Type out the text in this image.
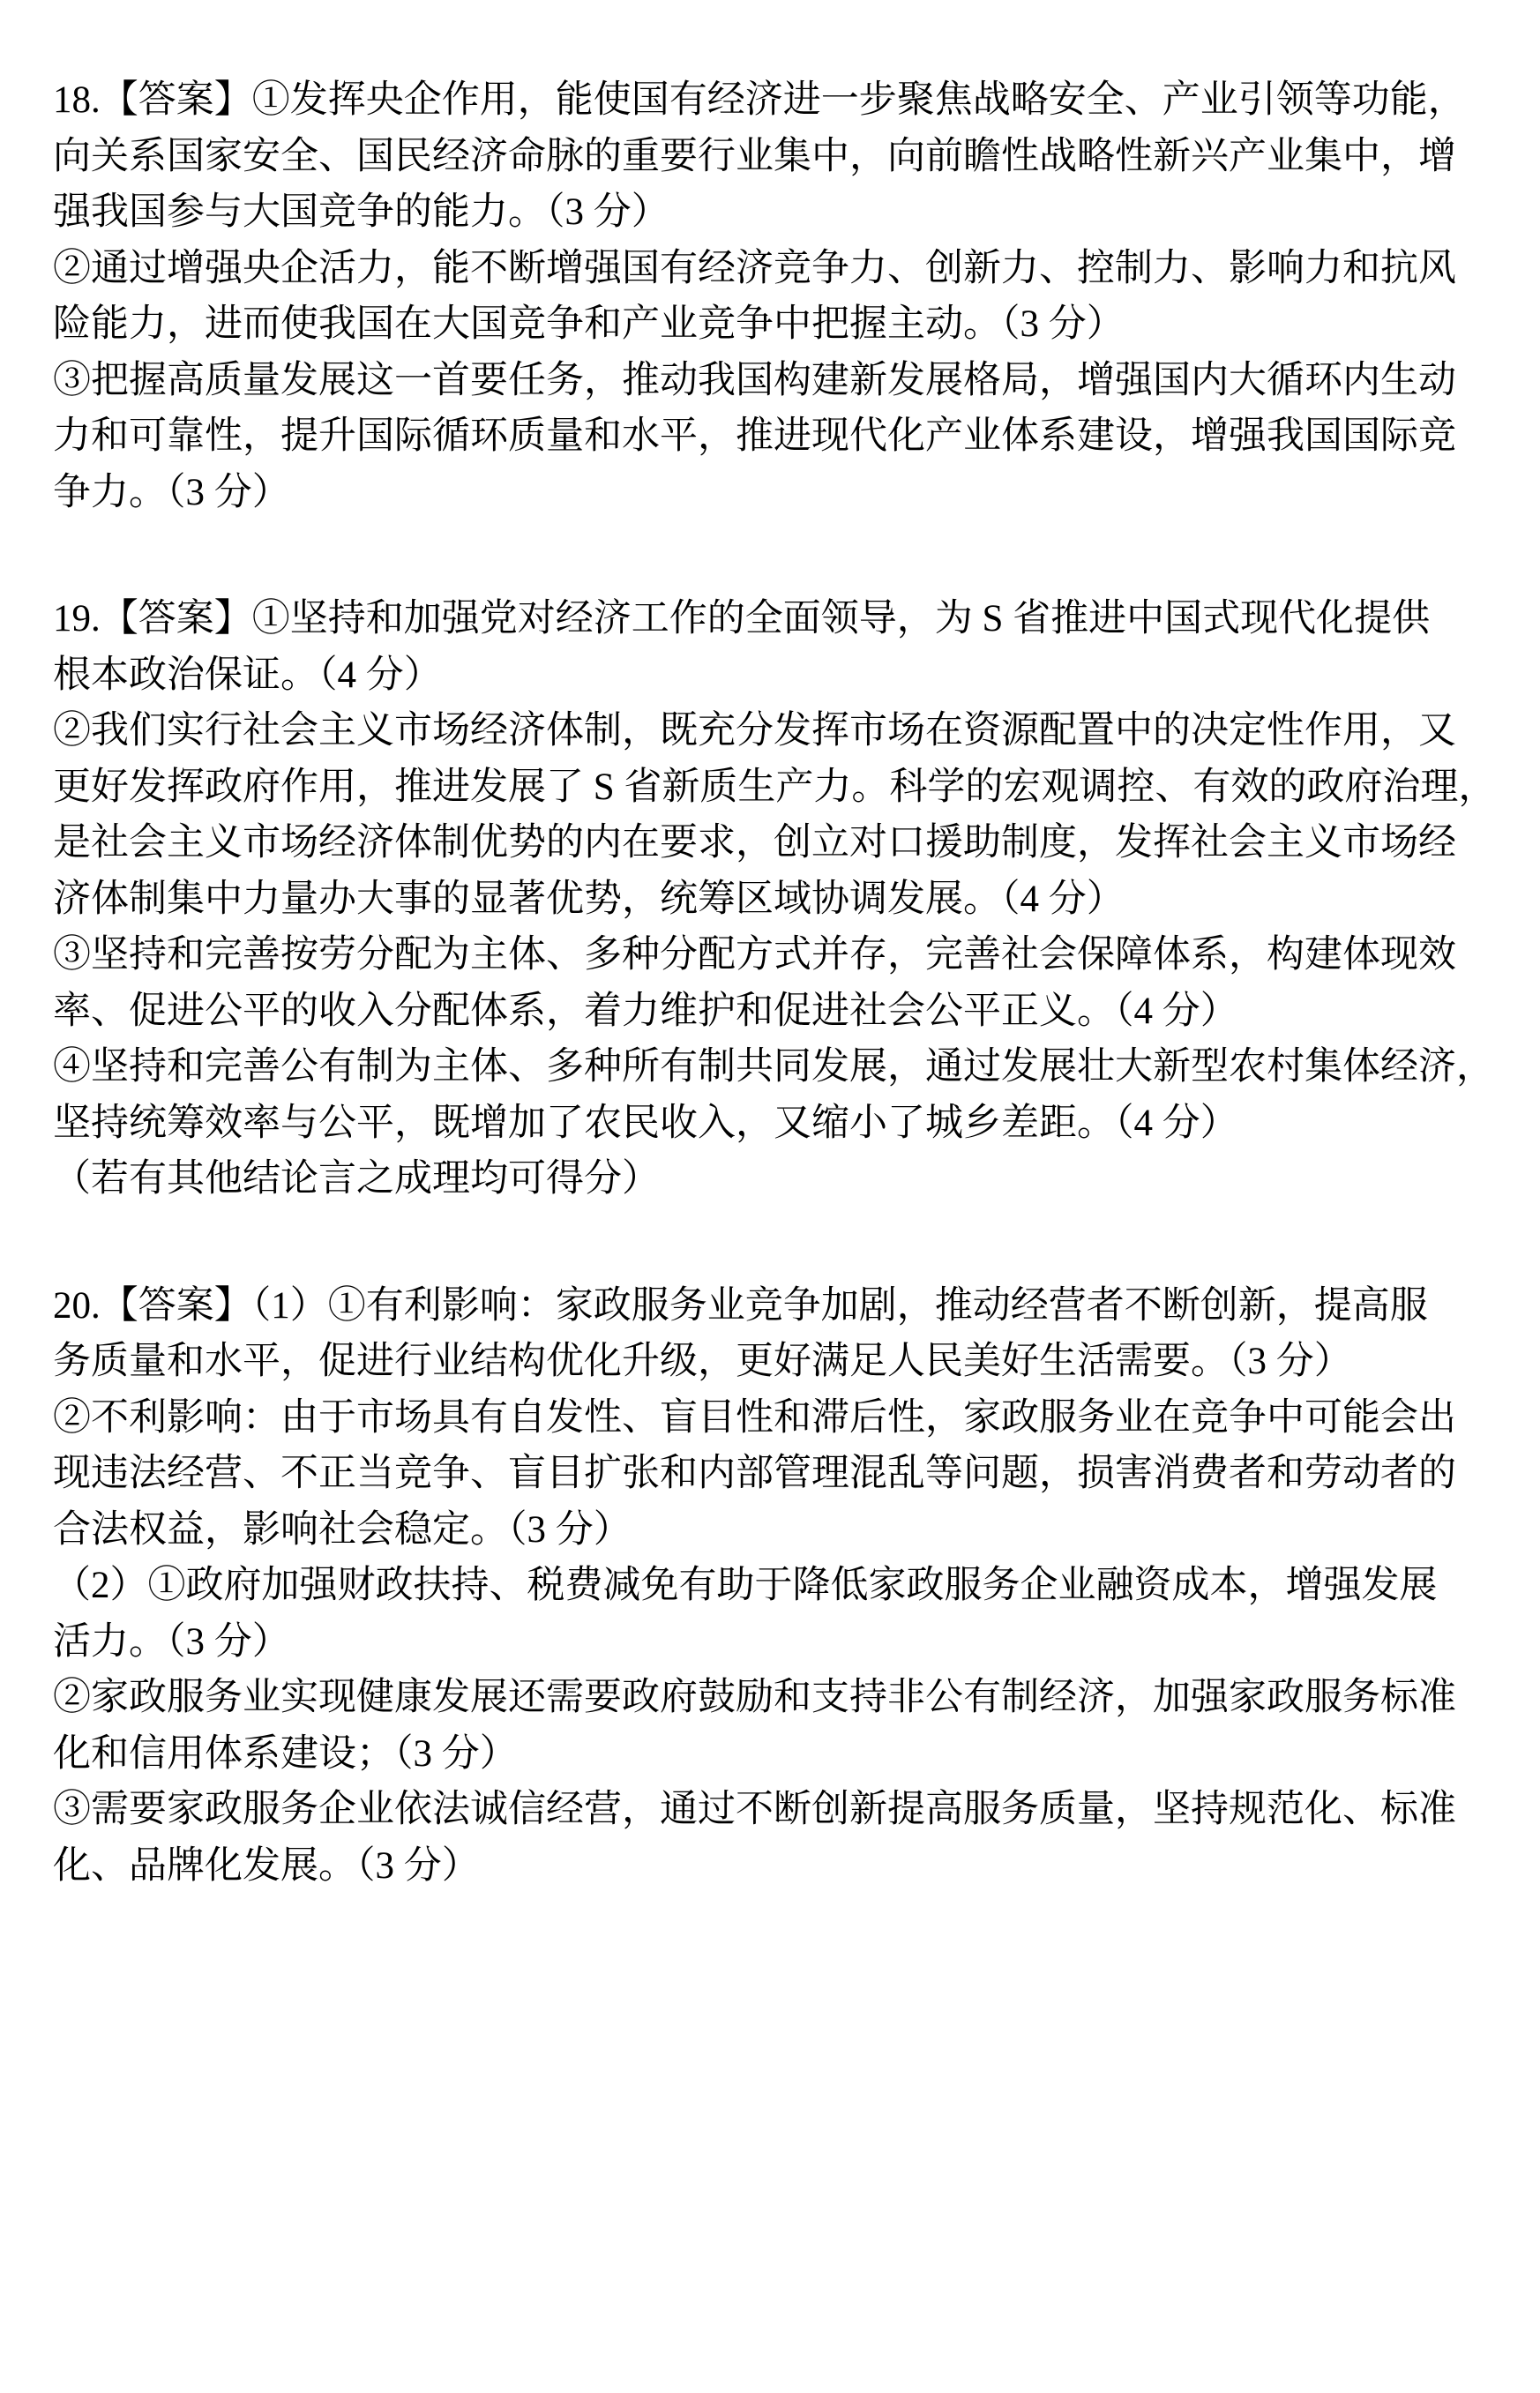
18.【答案】①发挥央企作用，能使国有经济进一步聚焦战略安全、产业引领等功能，
向关系国家安全、国民经济命脉的重要行业集中，向前瞻性战略性新兴产业集中，增
强我国参与大国竞争的能力。（3 分）
②通过增强央企活力，能不断增强国有经济竞争力、创新力、控制力、影响力和抗风
险能力，进而使我国在大国竞争和产业竞争中把握主动。（3 分）
③把握高质量发展这一首要任务，推动我国构建新发展格局，增强国内大循环内生动
力和可靠性，提升国际循环质量和水平，推进现代化产业体系建设，增强我国国际竞
争力。（3 分）
19.【答案】①坚持和加强党对经济工作的全面领导，为 S 省推进中国式现代化提供
根本政治保证。（4 分）
②我们实行社会主义市场经济体制，既充分发挥市场在资源配置中的决定性作用，又
更好发挥政府作用，推进发展了 S 省新质生产力。科学的宏观调控、有效的政府治理，
是社会主义市场经济体制优势的内在要求，创立对口援助制度，发挥社会主义市场经
济体制集中力量办大事的显著优势，统筹区域协调发展。（4 分）
③坚持和完善按劳分配为主体、多种分配方式并存，完善社会保障体系，构建体现效
率、促进公平的收入分配体系，着力维护和促进社会公平正义。（4 分）
④坚持和完善公有制为主体、多种所有制共同发展，通过发展壮大新型农村集体经济，
坚持统筹效率与公平，既增加了农民收入，又缩小了城乡差距。（4 分）
（若有其他结论言之成理均可得分）
20.【答案】（1）①有利影响：家政服务业竞争加剧，推动经营者不断创新，提高服
务质量和水平，促进行业结构优化升级，更好满足人民美好生活需要。（3 分）
②不利影响：由于市场具有自发性、盲目性和滞后性，家政服务业在竞争中可能会出
现违法经营、不正当竞争、盲目扩张和内部管理混乱等问题，损害消费者和劳动者的
合法权益，影响社会稳定。（3 分）
（2）①政府加强财政扶持、税费减免有助于降低家政服务企业融资成本，增强发展
活力。（3 分）
②家政服务业实现健康发展还需要政府鼓励和支持非公有制经济，加强家政服务标准
化和信用体系建设；（3 分）
③需要家政服务企业依法诚信经营，通过不断创新提高服务质量，坚持规范化、标准
化、品牌化发展。（3 分）
